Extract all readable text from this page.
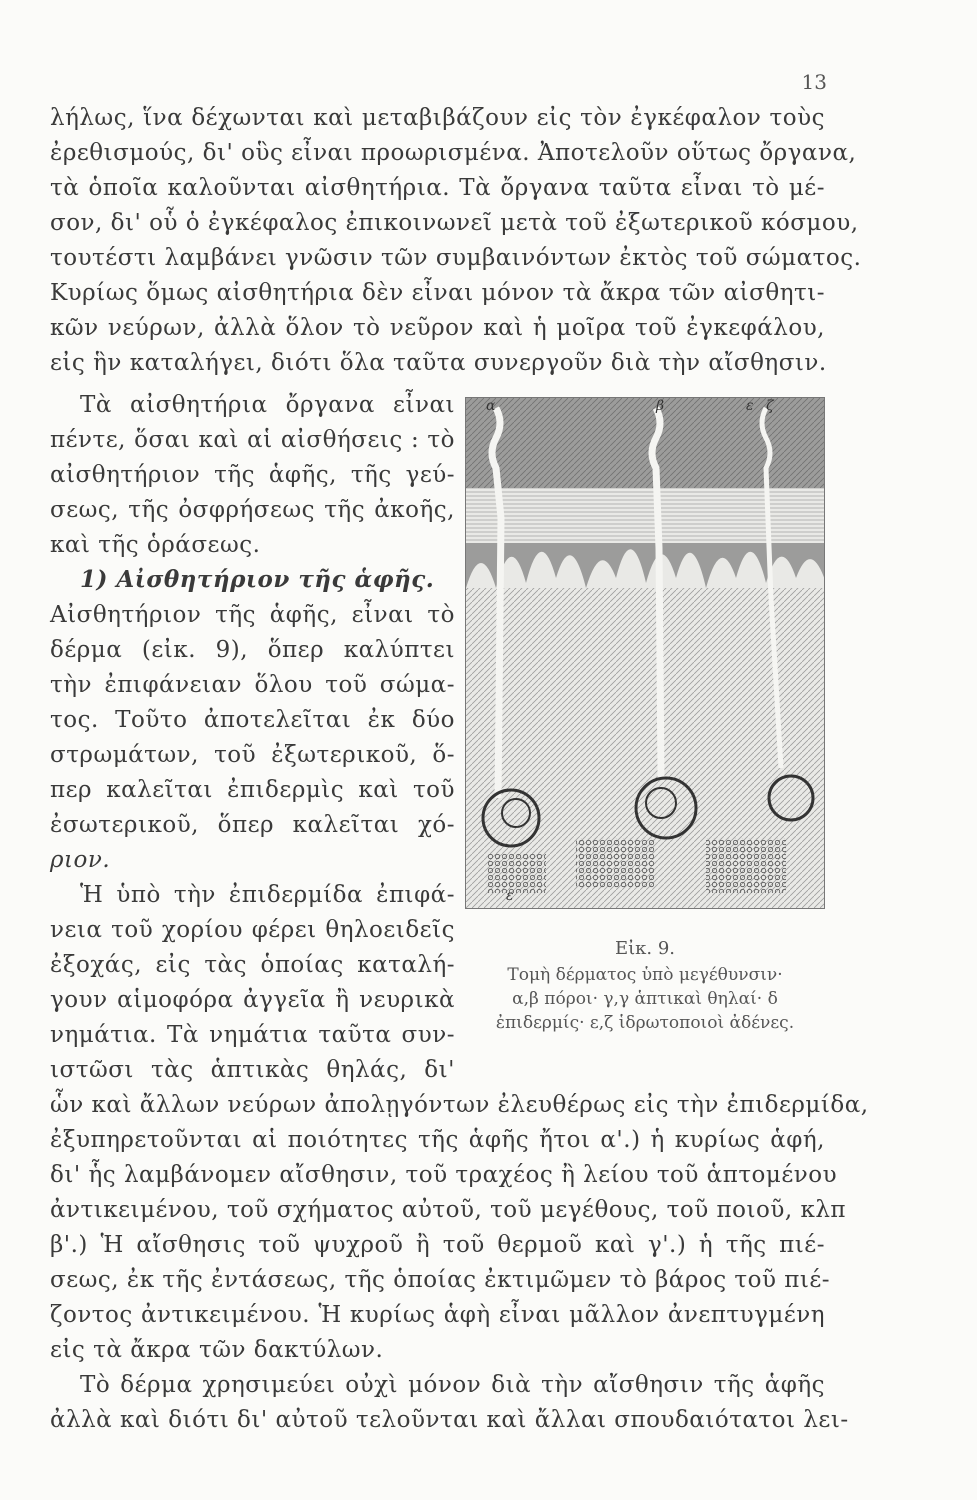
13
λήλως, ἵνα δέχωνται καὶ μεταβιβάζουν εἰς τὸν ἐγκέφαλον τοὺς
ἐρεθισμούς, δι' οὓς εἶναι προωρισμένα. Ἀποτελοῦν οὕτως ὄργανα,
τὰ ὁποῖα καλοῦνται αἰσθητήρια. Τὰ ὄργανα ταῦτα εἶναι τὸ μέ-
σον, δι' οὗ ὁ ἐγκέφαλος ἐπικοινωνεῖ μετὰ τοῦ ἐξωτερικοῦ κόσμου,
τουτέστι λαμβάνει γνῶσιν τῶν συμβαινόντων ἐκτὸς τοῦ σώματος.
Κυρίως ὅμως αἰσθητήρια δὲν εἶναι μόνον τὰ ἄκρα τῶν αἰσθητι-
κῶν νεύρων, ἀλλὰ ὅλον τὸ νεῦρον καὶ ἡ μοῖρα τοῦ ἐγκεφάλου,
εἰς ἣν καταλήγει, διότι ὅλα ταῦτα συνεργοῦν διὰ τὴν αἴσθησιν.
Τὰ αἰσθητήρια ὄργανα εἶναι
πέντε, ὅσαι καὶ αἱ αἰσθήσεις : τὸ
αἰσθητήριον τῆς ἁφῆς, τῆς γεύ-
σεως, τῆς ὀσφρήσεως τῆς ἀκοῆς,
καὶ τῆς ὁράσεως.
1) Αἰσθητήριον τῆς ἁφῆς.
Αἰσθητήριον τῆς ἁφῆς, εἶναι τὸ
δέρμα (εἰκ. 9), ὅπερ καλύπτει
τὴν ἐπιφάνειαν ὅλου τοῦ σώμα-
τος. Τοῦτο ἀποτελεῖται ἐκ δύο
στρωμάτων, τοῦ ἐξωτερικοῦ, ὅ-
περ καλεῖται ἐπιδερμὶς καὶ τοῦ
ἐσωτερικοῦ, ὅπερ καλεῖται χό-
ριον.
Ἡ ὑπὸ τὴν ἐπιδερμίδα ἐπιφά-
νεια τοῦ χορίου φέρει θηλοειδεῖς
ἐξοχάς, εἰς τὰς ὁποίας καταλή-
γουν αἱμοφόρα ἀγγεῖα ἢ νευρικὰ
νημάτια. Τὰ νημάτια ταῦτα συν-
ιστῶσι τὰς ἁπτικὰς θηλάς, δι'
α	β	ε ζ
ε
Εἰκ. 9.
Τομὴ δέρματος ὑπὸ μεγέθυνσιν·
α,β πόροι· γ,γ ἁπτικαὶ θηλαί· δ
ἐπιδερμίς· ε,ζ ἱδρωτοποιοὶ ἀδένες.
ὧν καὶ ἄλλων νεύρων ἀπολῃγόντων ἐλευθέρως εἰς τὴν ἐπιδερμίδα,
ἐξυπηρετοῦνται αἱ ποιότητες τῆς ἁφῆς ἤτοι α'.) ἡ κυρίως ἁφή,
δι' ἧς λαμβάνομεν αἴσθησιν, τοῦ τραχέος ἢ λείου τοῦ ἁπτομένου
ἀντικειμένου, τοῦ σχήματος αὐτοῦ, τοῦ μεγέθους, τοῦ ποιοῦ, κλπ
β'.) Ἡ αἴσθησις τοῦ ψυχροῦ ἢ τοῦ θερμοῦ καὶ γ'.) ἡ τῆς πιέ-
σεως, ἐκ τῆς ἐντάσεως, τῆς ὁποίας ἐκτιμῶμεν τὸ βάρος τοῦ πιέ-
ζοντος ἀντικειμένου. Ἡ κυρίως ἁφὴ εἶναι μᾶλλον ἀνεπτυγμένη
εἰς τὰ ἄκρα τῶν δακτύλων.
Τὸ δέρμα χρησιμεύει οὐχὶ μόνον διὰ τὴν αἴσθησιν τῆς ἁφῆς
ἀλλὰ καὶ διότι δι' αὐτοῦ τελοῦνται καὶ ἄλλαι σπουδαιότατοι λει-
